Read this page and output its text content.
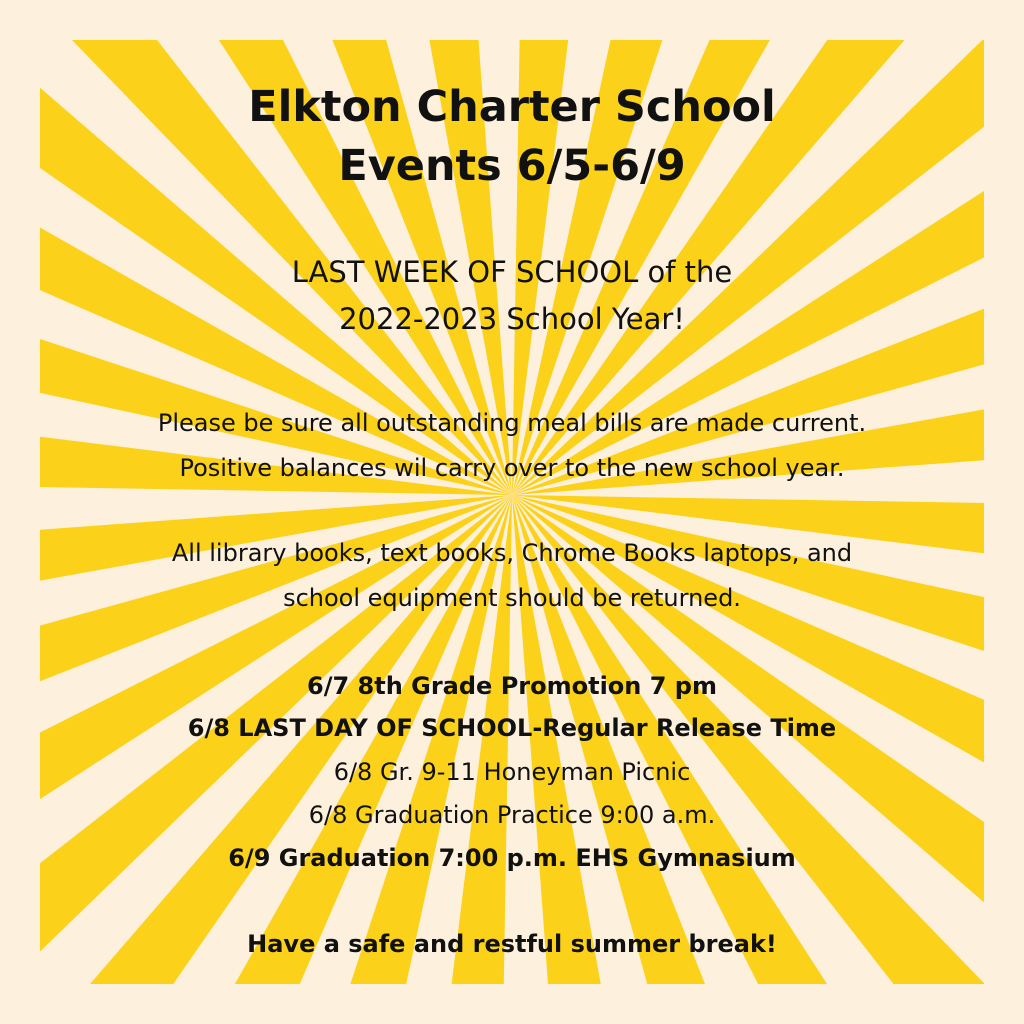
Elkton Charter School
Events 6/5-6/9
LAST WEEK OF SCHOOL of the
2022-2023 School Year!
Please be sure all outstanding meal bills are made current.
Positive balances wil carry over to the new school year.
All library books, text books, Chrome Books laptops, and
school equipment should be returned.
6/7 8th Grade Promotion 7 pm
6/8 LAST DAY OF SCHOOL-Regular Release Time
6/8 Gr. 9-11 Honeyman Picnic
6/8 Graduation Practice 9:00 a.m.
6/9 Graduation 7:00 p.m. EHS Gymnasium
Have a safe and restful summer break!
